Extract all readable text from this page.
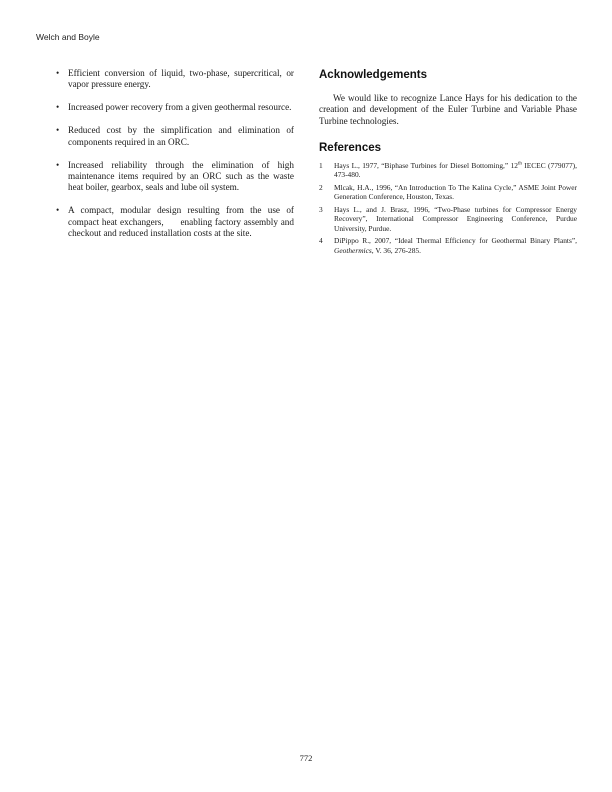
Welch and Boyle
• Efficient conversion of liquid, two-phase, supercritical, or vapor pressure energy.
• Increased power recovery from a given geothermal resource.
• Reduced cost by the simplification and elimination of components required in an ORC.
• Increased reliability through the elimination of high maintenance items required by an ORC such as the waste heat boiler, gearbox, seals and lube oil system.
• A compact, modular design resulting from the use of compact heat exchangers,      enabling factory assembly and checkout and reduced installation costs at the site.
Acknowledgements

We would like to recognize Lance Hays for his dedication to the creation and development of the Euler Turbine and Variable Phase Turbine technologies.

References
1 Hays L., 1977, “Biphase Turbines for Diesel Bottoming,” 12th IECEC (779077), 473-480.
2 Mlcak, H.A., 1996, “An Introduction To The Kalina Cycle,” ASME Joint Power Generation Conference, Houston, Texas.
3 Hays L., and J. Brasz, 1996, “Two-Phase turbines for Compressor Energy Recovery”, International Compressor Engineering Conference, Purdue University, Purdue.
4 DiPippo R., 2007, “Ideal Thermal Efficiency for Geothermal Binary Plants”, Geothermics, V. 36, 276-285.
772
